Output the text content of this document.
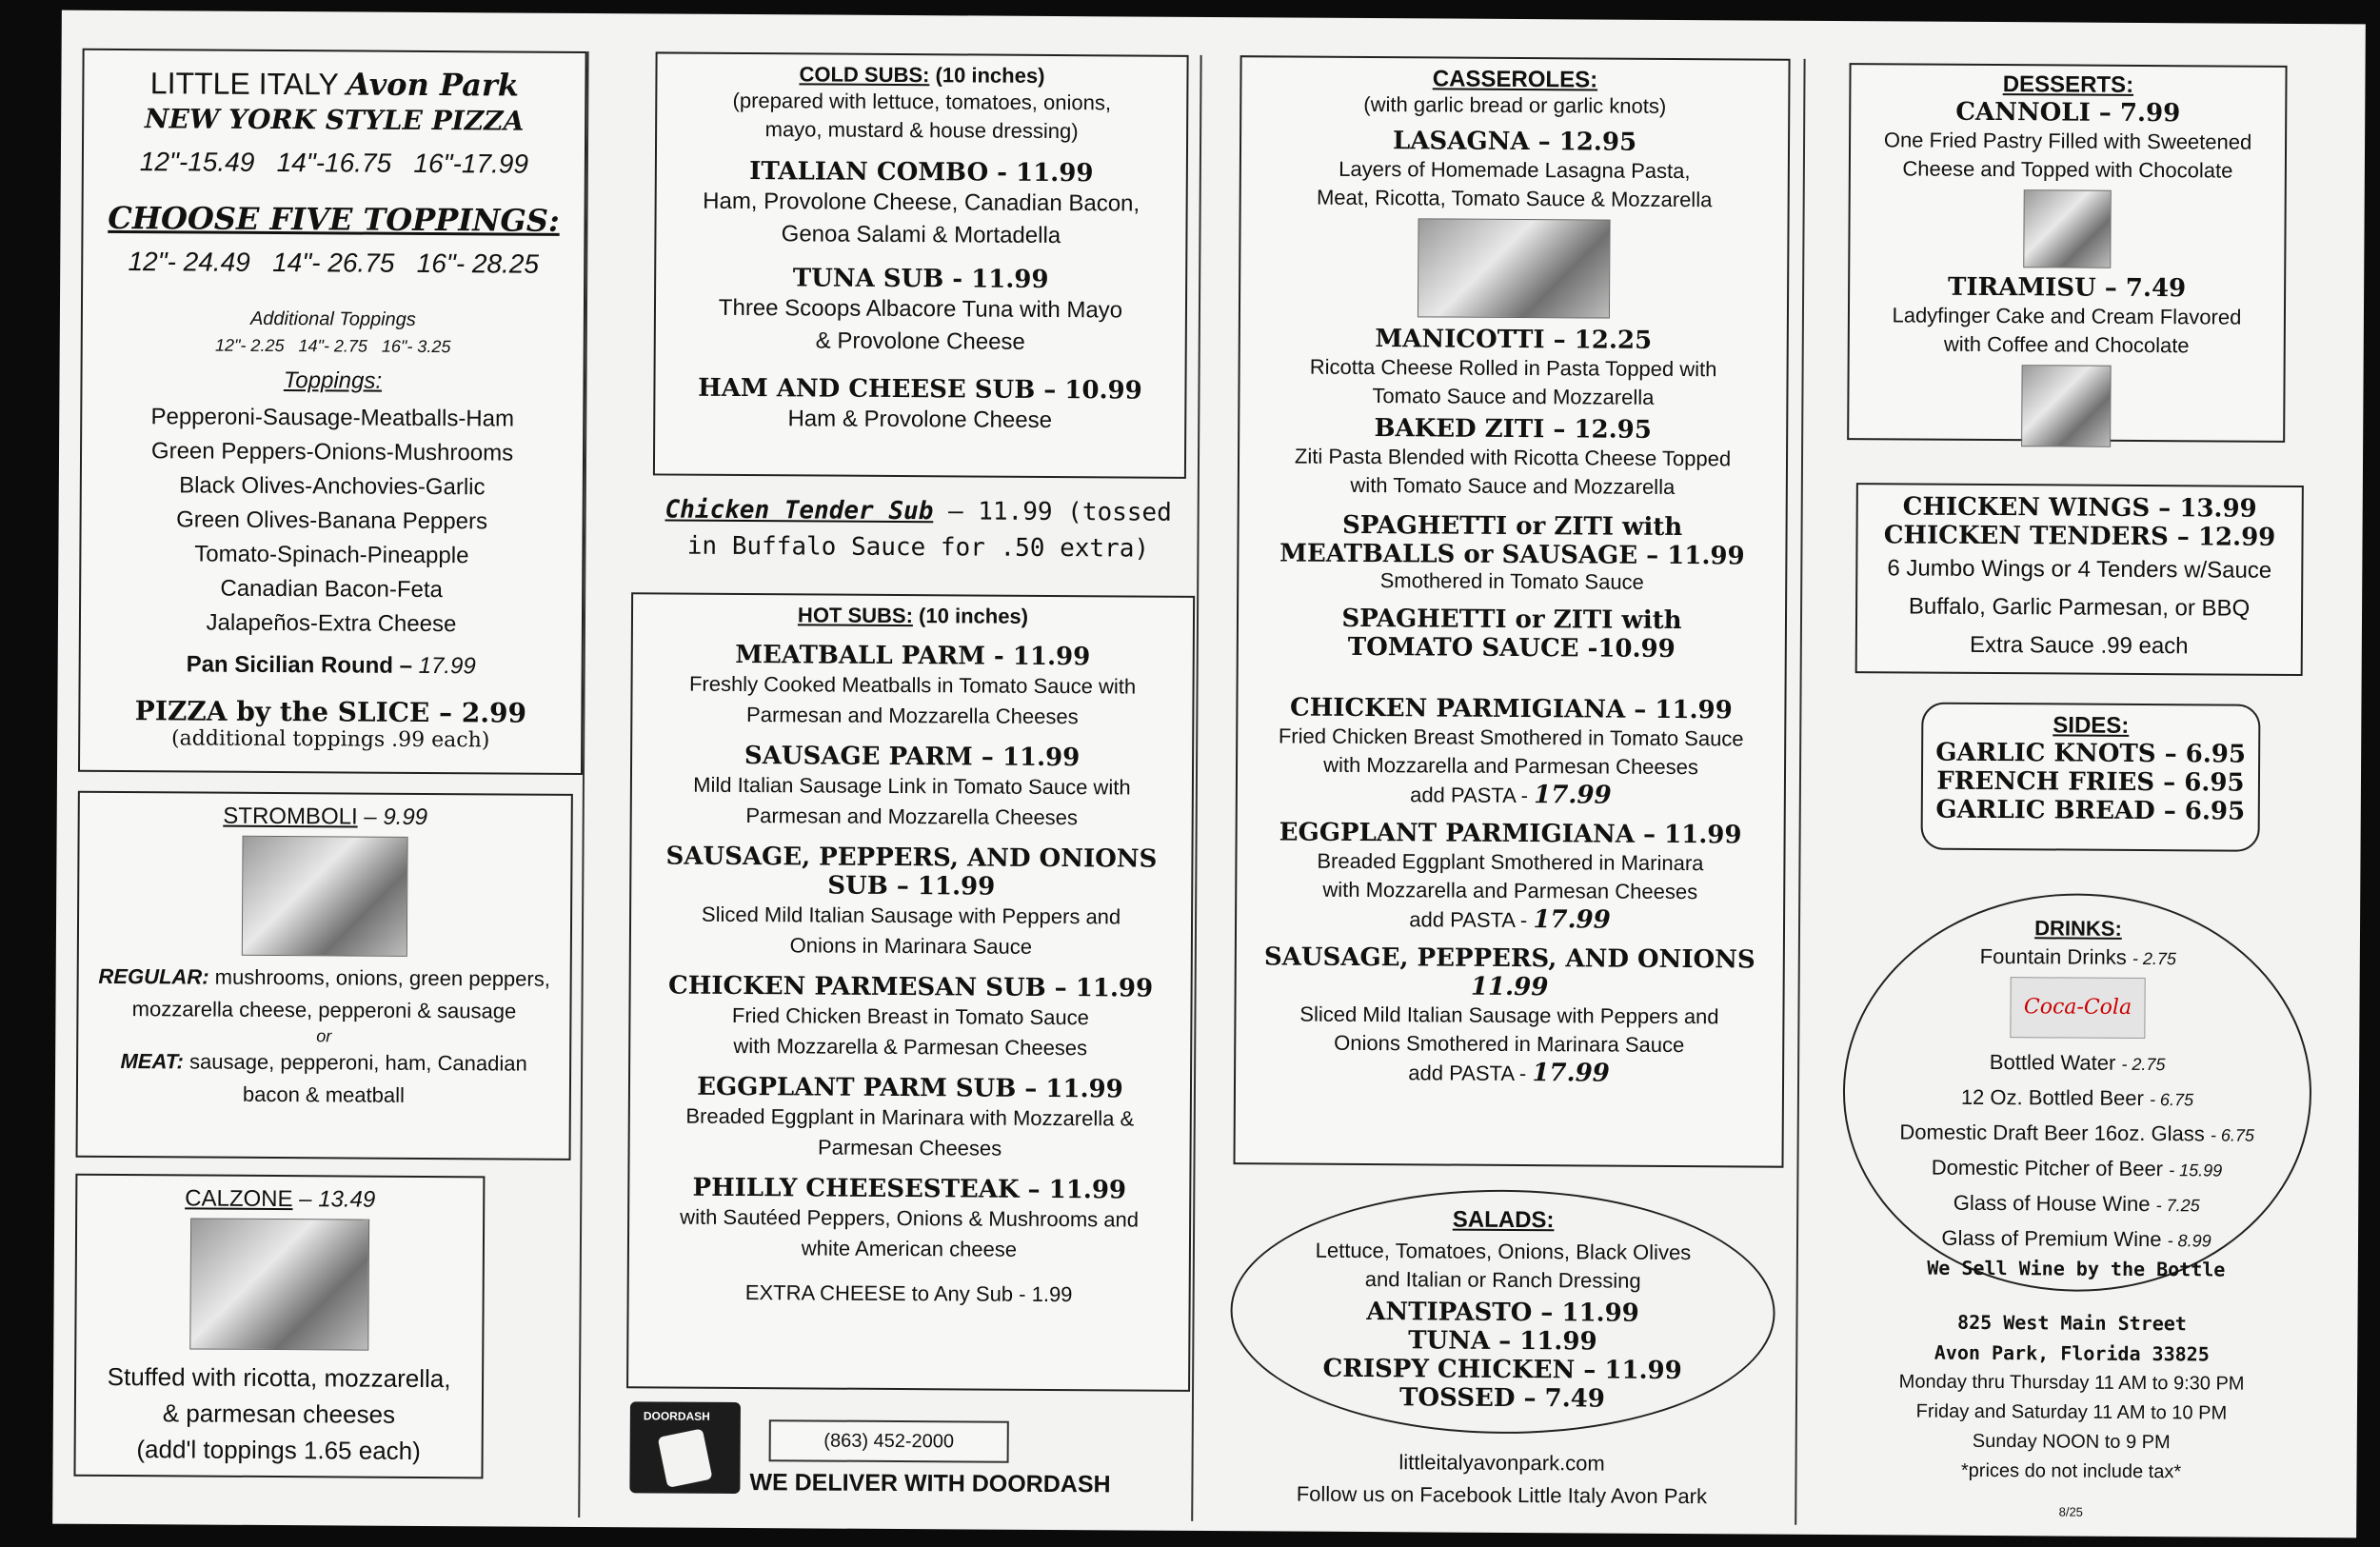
LITTLE ITALY Avon Park
NEW YORK STYLE PIZZA
12"-15.49   14"-16.75   16"-17.99
CHOOSE FIVE TOPPINGS:
12"- 24.49   14"- 26.75   16"- 28.25
Additional Toppings
12"- 2.25   14"- 2.75   16"- 3.25
Toppings:
Pepperoni-Sausage-Meatballs-Ham
Green Peppers-Onions-Mushrooms
Black Olives-Anchovies-Garlic
Green Olives-Banana Peppers
Tomato-Spinach-Pineapple
Canadian Bacon-Feta
Jalapeños-Extra Cheese
Pan Sicilian Round – 17.99
PIZZA by the SLICE – 2.99
(additional toppings .99 each)
STROMBOLI – 9.99
REGULAR: mushrooms, onions, green peppers, mozzarella cheese, pepperoni & sausage
or
MEAT: sausage, pepperoni, ham, Canadian bacon & meatball
CALZONE – 13.49
Stuffed with ricotta, mozzarella,
& parmesan cheeses
(add'l toppings 1.65 each)
COLD SUBS: (10 inches)
(prepared with lettuce, tomatoes, onions,
mayo, mustard & house dressing)
ITALIAN COMBO - 11.99
Ham, Provolone Cheese, Canadian Bacon,
Genoa Salami & Mortadella
TUNA SUB - 11.99
Three Scoops Albacore Tuna with Mayo
& Provolone Cheese
HAM AND CHEESE SUB – 10.99
Ham & Provolone Cheese
Chicken Tender Sub – 11.99 (tossed
in Buffalo Sauce for .50 extra)
HOT SUBS: (10 inches)
MEATBALL PARM - 11.99
Freshly Cooked Meatballs in Tomato Sauce with
Parmesan and Mozzarella Cheeses
SAUSAGE PARM – 11.99
Mild Italian Sausage Link in Tomato Sauce with
Parmesan and Mozzarella Cheeses
SAUSAGE, PEPPERS, AND ONIONS SUB – 11.99
Sliced Mild Italian Sausage with Peppers and
Onions in Marinara Sauce
CHICKEN PARMESAN SUB – 11.99
Fried Chicken Breast in Tomato Sauce
with Mozzarella & Parmesan Cheeses
EGGPLANT PARM SUB – 11.99
Breaded Eggplant in Marinara with Mozzarella &
Parmesan Cheeses
PHILLY CHEESESTEAK – 11.99
with Sautéed Peppers, Onions & Mushrooms and
white American cheese
EXTRA CHEESE to Any Sub - 1.99
DOORDASH
(863) 452-2000
WE DELIVER WITH DOORDASH
CASSEROLES:
(with garlic bread or garlic knots)
LASAGNA – 12.95
Layers of Homemade Lasagna Pasta,
Meat, Ricotta, Tomato Sauce & Mozzarella
MANICOTTI – 12.25
Ricotta Cheese Rolled in Pasta Topped with
Tomato Sauce and Mozzarella
BAKED ZITI – 12.95
Ziti Pasta Blended with Ricotta Cheese Topped
with Tomato Sauce and Mozzarella
SPAGHETTI or ZITI with
MEATBALLS or SAUSAGE – 11.99
Smothered in Tomato Sauce
SPAGHETTI or ZITI with
TOMATO SAUCE -10.99
CHICKEN PARMIGIANA – 11.99
Fried Chicken Breast Smothered in Tomato Sauce
with Mozzarella and Parmesan Cheeses
add PASTA - 17.99
EGGPLANT PARMIGIANA – 11.99
Breaded Eggplant Smothered in Marinara
with Mozzarella and Parmesan Cheeses
add PASTA - 17.99
SAUSAGE, PEPPERS, AND ONIONS
11.99
Sliced Mild Italian Sausage with Peppers and
Onions Smothered in Marinara Sauce
add PASTA - 17.99
SALADS:
Lettuce, Tomatoes, Onions, Black Olives
and Italian or Ranch Dressing
ANTIPASTO – 11.99
TUNA – 11.99
CRISPY CHICKEN – 11.99
TOSSED – 7.49
littleitalyavonpark.com
Follow us on Facebook Little Italy Avon Park
DESSERTS:
CANNOLI – 7.99
One Fried Pastry Filled with Sweetened
Cheese and Topped with Chocolate
TIRAMISU – 7.49
Ladyfinger Cake and Cream Flavored
with Coffee and Chocolate
CHICKEN WINGS – 13.99
CHICKEN TENDERS – 12.99
6 Jumbo Wings or 4 Tenders w/Sauce
Buffalo, Garlic Parmesan, or BBQ
Extra Sauce .99 each
SIDES:
GARLIC KNOTS – 6.95
FRENCH FRIES – 6.95
GARLIC BREAD – 6.95
DRINKS:
Fountain Drinks - 2.75
Coca-Cola
Bottled Water - 2.75
12 Oz. Bottled Beer - 6.75
Domestic Draft Beer 16oz. Glass - 6.75
Domestic Pitcher of Beer - 15.99
Glass of House Wine - 7.25
Glass of Premium Wine - 8.99
We Sell Wine by the Bottle
825 West Main Street
Avon Park, Florida 33825
Monday thru Thursday 11 AM to 9:30 PM
Friday and Saturday 11 AM to 10 PM
Sunday NOON to 9 PM
*prices do not include tax*
8/25
